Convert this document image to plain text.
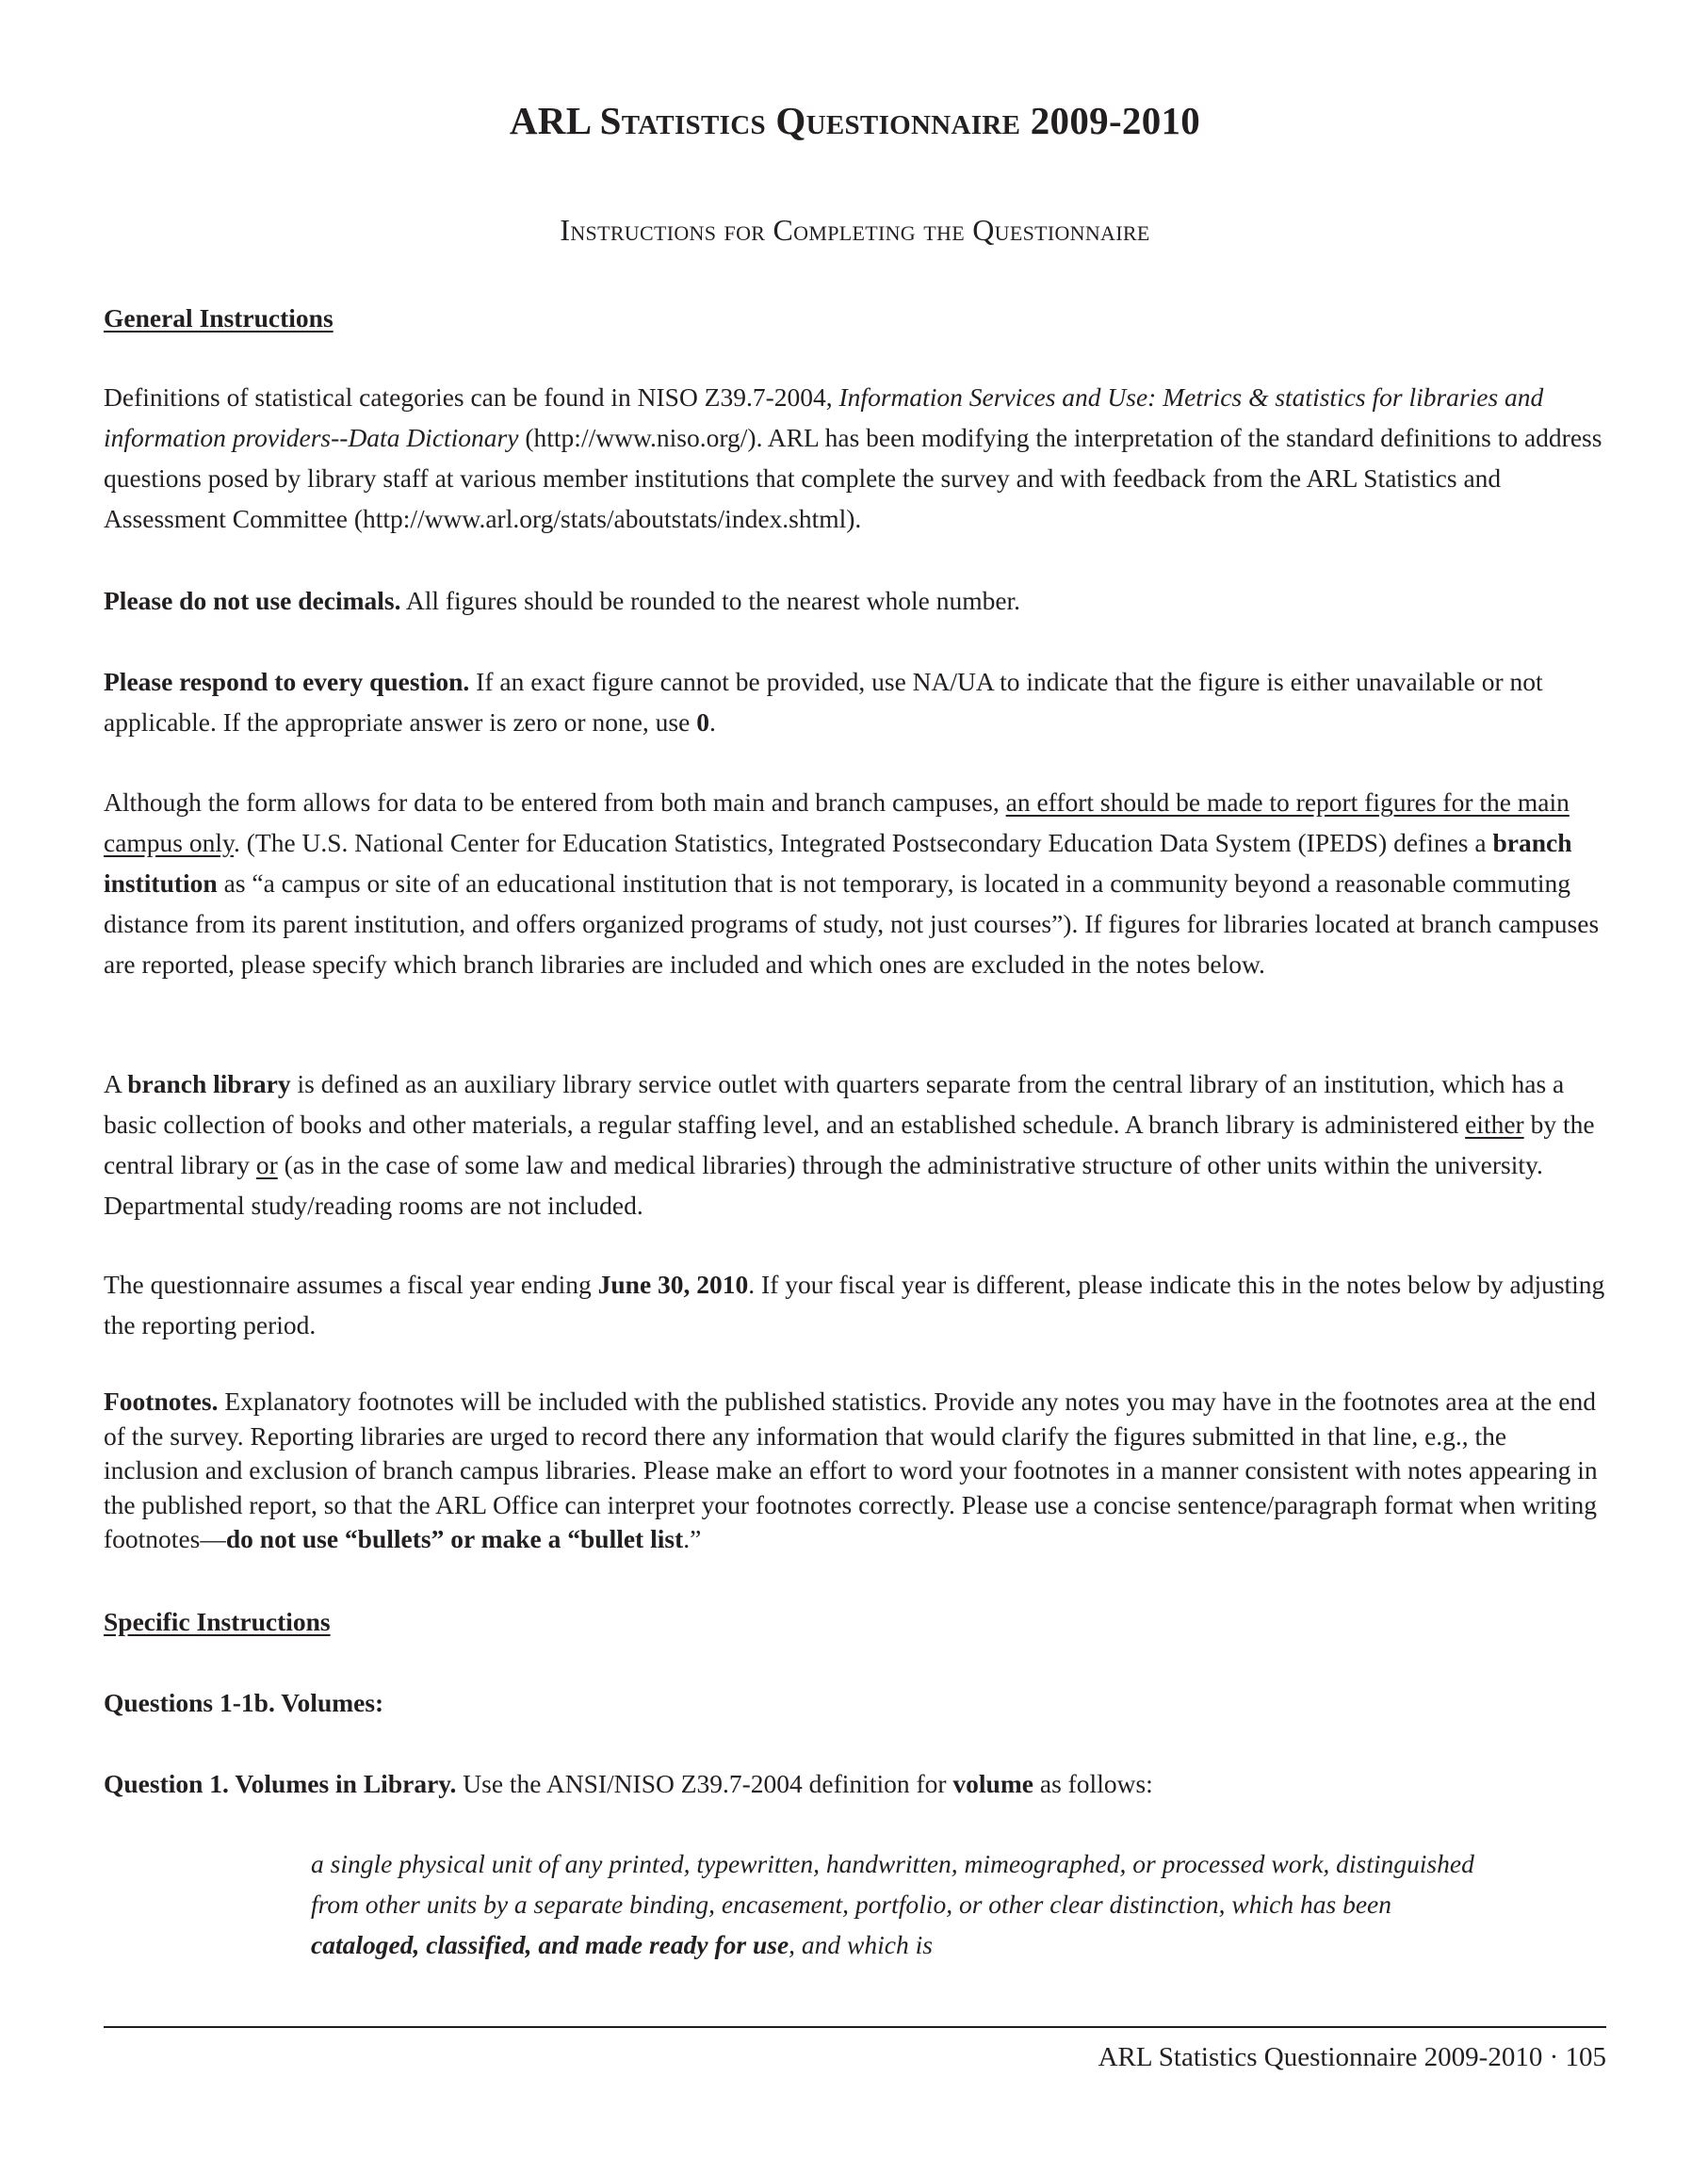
ARL Statistics Questionnaire 2009-2010
Instructions for Completing the Questionnaire

General Instructions

Definitions of statistical categories can be found in NISO Z39.7-2004, Information Services and Use: Metrics & statistics for libraries and information providers--Data Dictionary (http://www.niso.org/). ARL has been modifying the interpretation of the standard definitions to address questions posed by library staff at various member institutions that complete the survey and with feedback from the ARL Statistics and Assessment Committee (http://www.arl.org/stats/aboutstats/index.shtml).

Please do not use decimals. All figures should be rounded to the nearest whole number.

Please respond to every question. If an exact figure cannot be provided, use NA/UA to indicate that the figure is either unavailable or not applicable. If the appropriate answer is zero or none, use 0.

Although the form allows for data to be entered from both main and branch campuses, an effort should be made to report figures for the main campus only. (The U.S. National Center for Education Statistics, Integrated Postsecondary Education Data System (IPEDS) defines a branch institution as “a campus or site of an educational institution that is not temporary, is located in a community beyond a reasonable commuting distance from its parent institution, and offers organized programs of study, not just courses”). If figures for libraries located at branch campuses are reported, please specify which branch libraries are included and which ones are excluded in the notes below.

A branch library is defined as an auxiliary library service outlet with quarters separate from the central library of an institution, which has a basic collection of books and other materials, a regular staffing level, and an established schedule. A branch library is administered either by the central library or (as in the case of some law and medical libraries) through the administrative structure of other units within the university. Departmental study/reading rooms are not included.

The questionnaire assumes a fiscal year ending June 30, 2010. If your fiscal year is different, please indicate this in the notes below by adjusting the reporting period.

Footnotes. Explanatory footnotes will be included with the published statistics. Provide any notes you may have in the footnotes area at the end of the survey. Reporting libraries are urged to record there any information that would clarify the figures submitted in that line, e.g., the inclusion and exclusion of branch campus libraries. Please make an effort to word your footnotes in a manner consistent with notes appearing in the published report, so that the ARL Office can interpret your footnotes correctly. Please use a concise sentence/paragraph format when writing footnotes—do not use “bullets” or make a “bullet list.”

Specific Instructions

Questions 1-1b. Volumes:

Question 1. Volumes in Library. Use the ANSI/NISO Z39.7-2004 definition for volume as follows:

a single physical unit of any printed, typewritten, handwritten, mimeographed, or processed work, distinguished from other units by a separate binding, encasement, portfolio, or other clear distinction, which has been cataloged, classified, and made ready for use, and which is

ARL Statistics Questionnaire 2009-2010 · 105
